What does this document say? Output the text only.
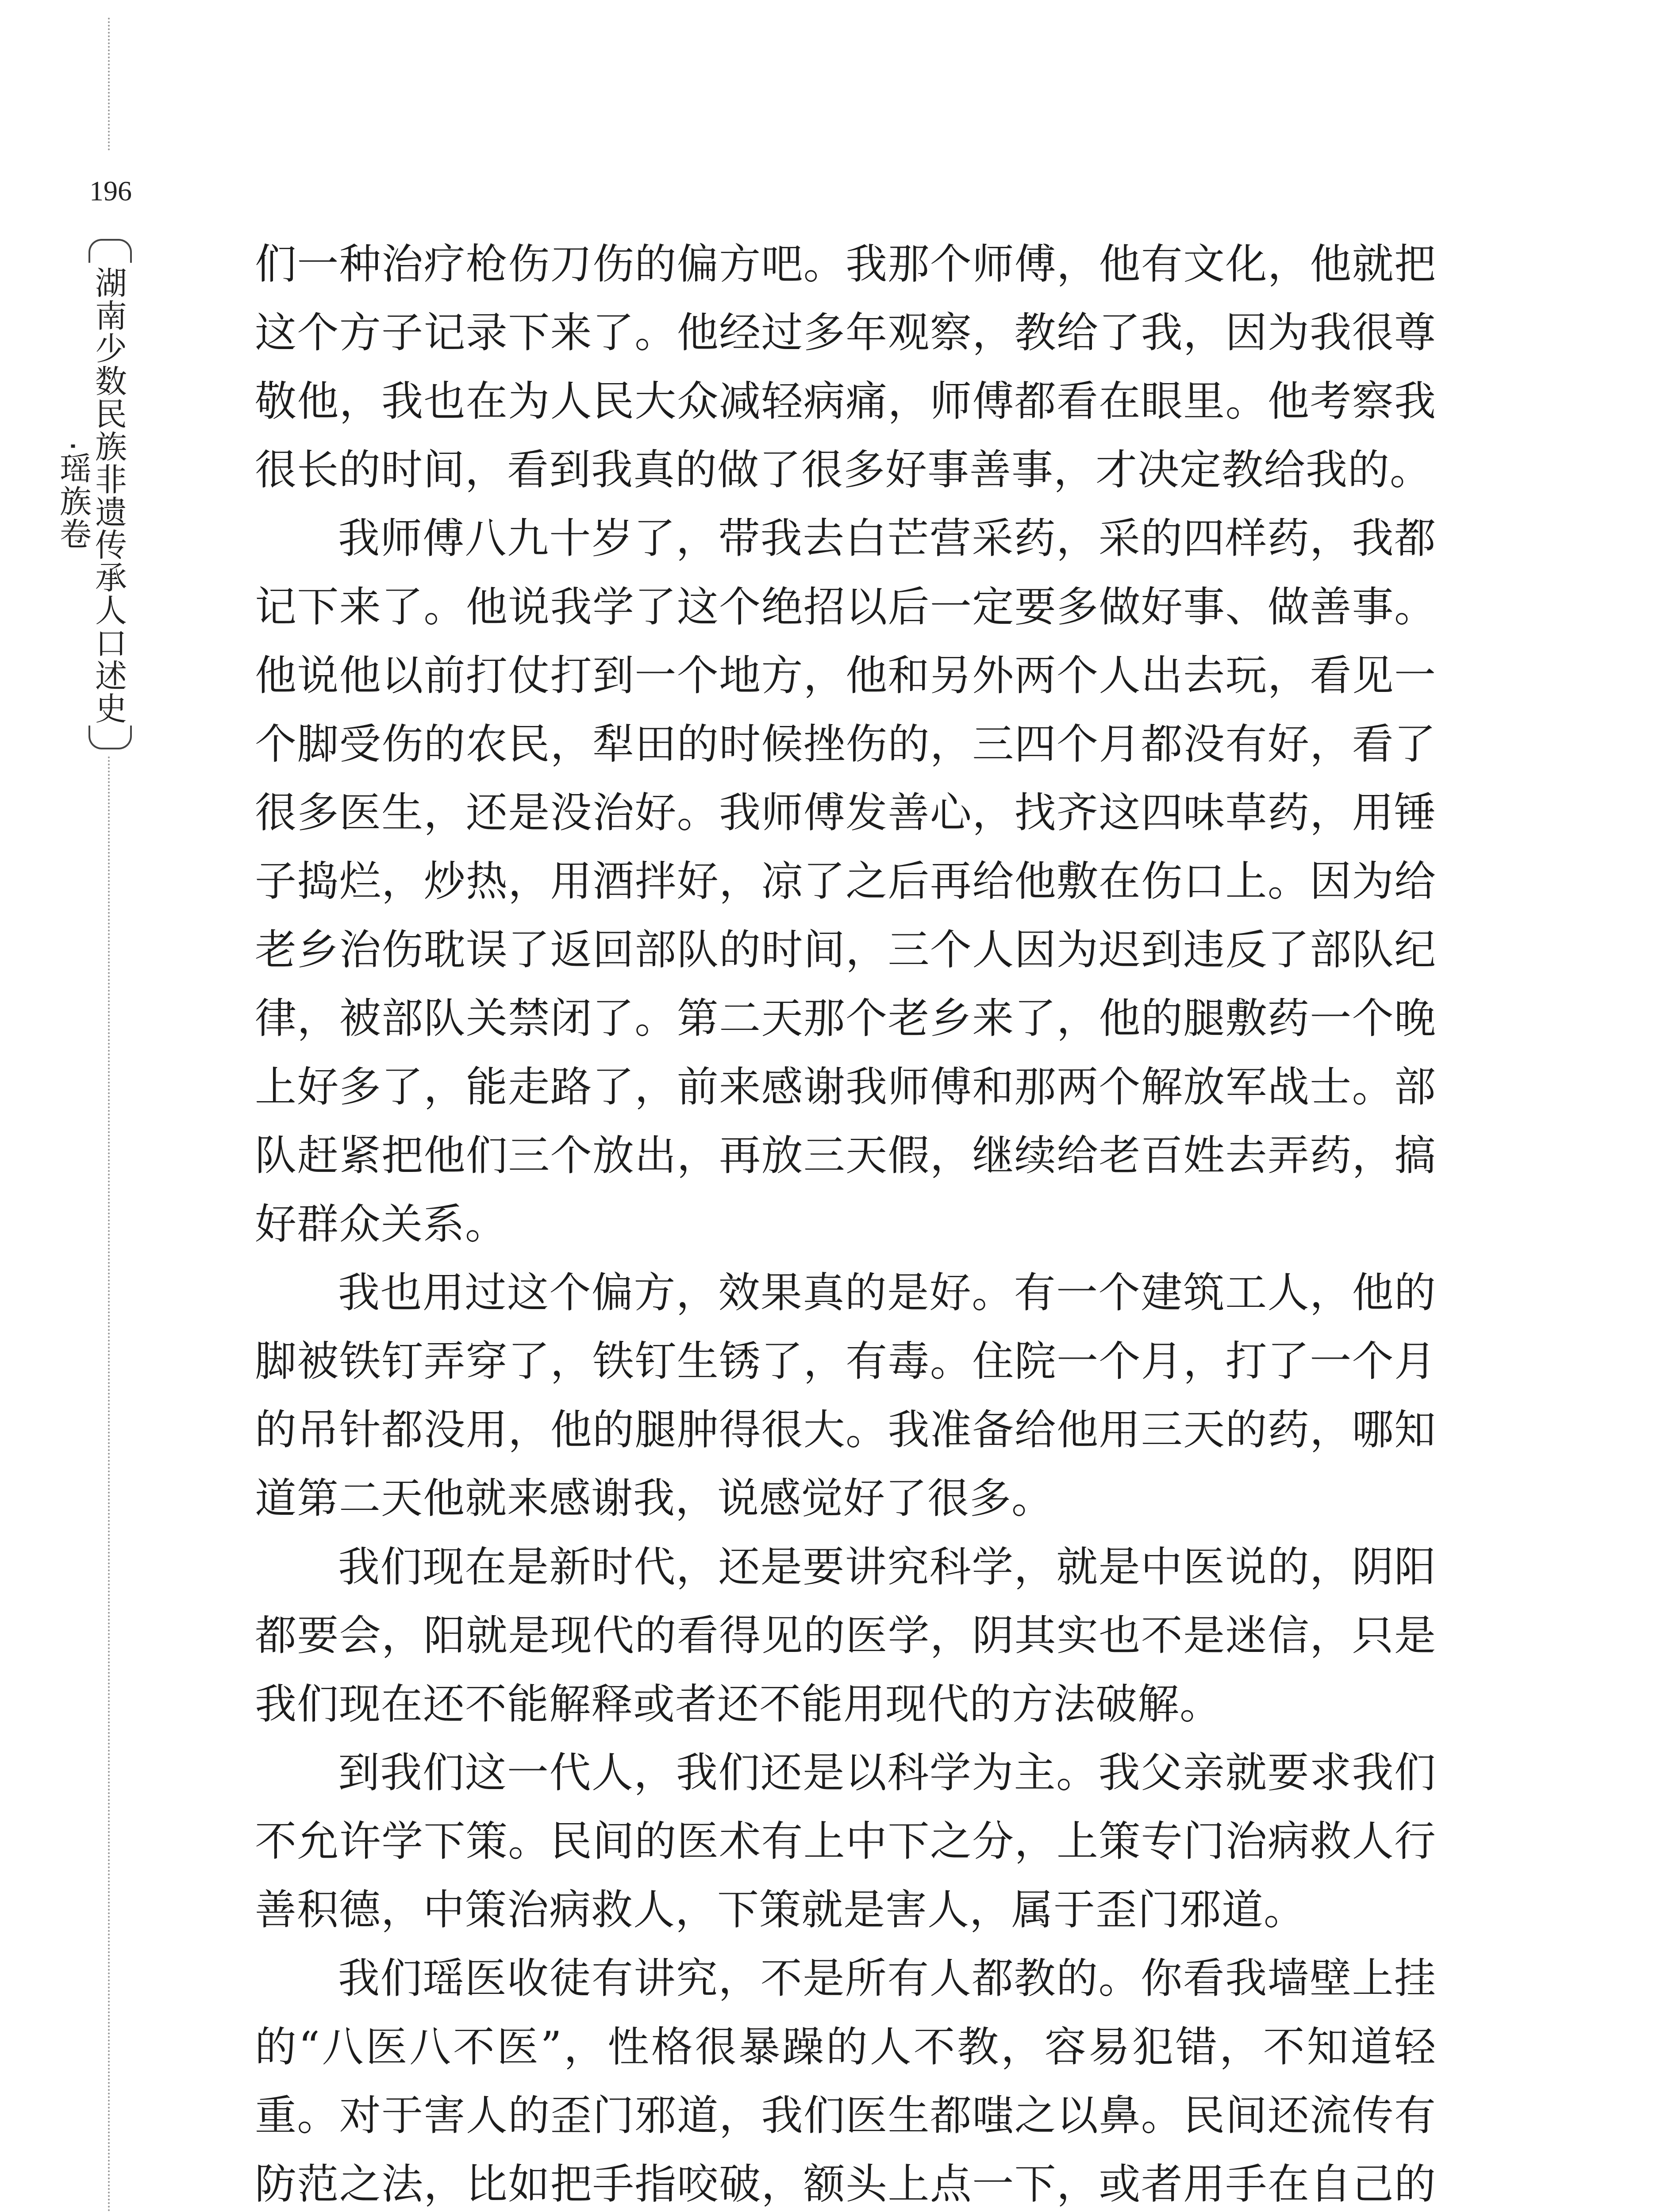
196
湖南少数民族非遗传承人口述史·瑶族卷

们一种治疗枪伤刀伤的偏方吧。我那个师傅，他有文化，他就把这个方子记录下来了。他经过多年观察，教给了我，因为我很尊敬他，我也在为人民大众减轻病痛，师傅都看在眼里。他考察我很长的时间，看到我真的做了很多好事善事，才决定教给我的。

我师傅八九十岁了，带我去白芒营采药，采的四样药，我都记下来了。他说我学了这个绝招以后一定要多做好事、做善事。他说他以前打仗打到一个地方，他和另外两个人出去玩，看见一个脚受伤的农民，犁田的时候挫伤的，三四个月都没有好，看了很多医生，还是没治好。我师傅发善心，找齐这四味草药，用锤子捣烂，炒热，用酒拌好，凉了之后再给他敷在伤口上。因为给老乡治伤耽误了返回部队的时间，三个人因为迟到违反了部队纪律，被部队关禁闭了。第二天那个老乡来了，他的腿敷药一个晚上好多了，能走路了，前来感谢我师傅和那两个解放军战士。部队赶紧把他们三个放出，再放三天假，继续给老百姓去弄药，搞好群众关系。

我也用过这个偏方，效果真的是好。有一个建筑工人，他的脚被铁钉弄穿了，铁钉生锈了，有毒。住院一个月，打了一个月的吊针都没用，他的腿肿得很大。我准备给他用三天的药，哪知道第二天他就来感谢我，说感觉好了很多。

我们现在是新时代，还是要讲究科学，就是中医说的，阴阳都要会，阳就是现代的看得见的医学，阴其实也不是迷信，只是我们现在还不能解释或者还不能用现代的方法破解。

到我们这一代人，我们还是以科学为主。我父亲就要求我们不允许学下策。民间的医术有上中下之分，上策专门治病救人行善积德，中策治病救人，下策就是害人，属于歪门邪道。

我们瑶医收徒有讲究，不是所有人都教的。你看我墙壁上挂的“八医八不医”，性格很暴躁的人不教，容易犯错，不知道轻重。对于害人的歪门邪道，我们医生都嗤之以鼻。民间还流传有防范之法，比如把手指咬破，额头上点一下，或者用手在自己的
